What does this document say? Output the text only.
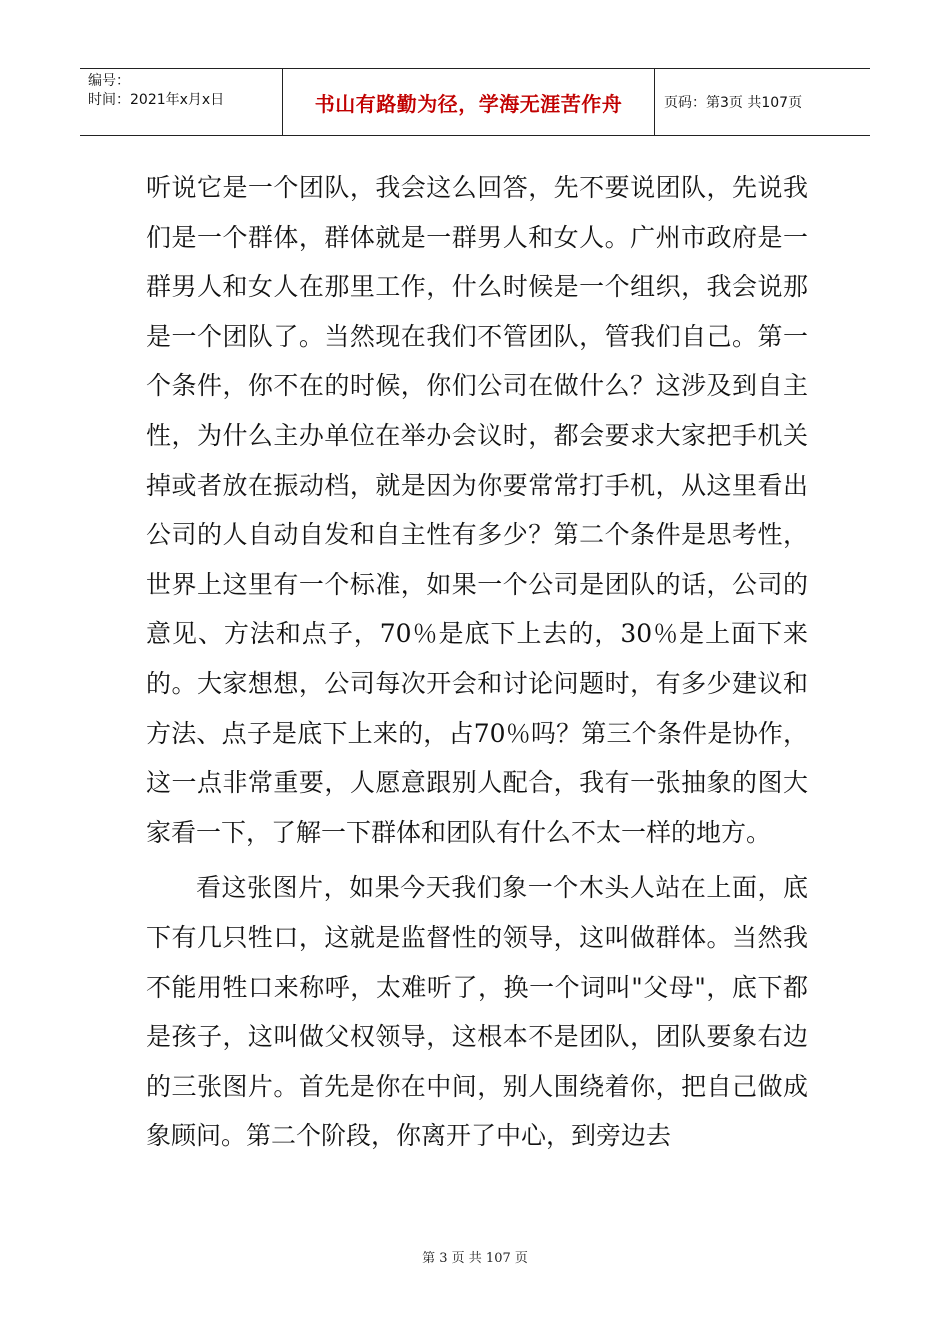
编号：
时间：2021年x月x日	书山有路勤为径，学海无涯苦作舟	页码：第3页 共107页

听说它是一个团队，我会这么回答，先不要说团队，先说我们是一个群体，群体就是一群男人和女人。广州市政府是一群男人和女人在那里工作，什么时候是一个组织，我会说那是一个团队了。当然现在我们不管团队，管我们自己。第一个条件，你不在的时候，你们公司在做什么？这涉及到自主性，为什么主办单位在举办会议时，都会要求大家把手机关掉或者放在振动档，就是因为你要常常打手机，从这里看出公司的人自动自发和自主性有多少？第二个条件是思考性，世界上这里有一个标准，如果一个公司是团队的话，公司的意见、方法和点子，70％是底下上去的，30％是上面下来的。大家想想，公司每次开会和讨论问题时，有多少建议和方法、点子是底下上来的，占70％吗？第三个条件是协作，这一点非常重要，人愿意跟别人配合，我有一张抽象的图大家看一下，了解一下群体和团队有什么不太一样的地方。

看这张图片，如果今天我们象一个木头人站在上面，底下有几只牲口，这就是监督性的领导，这叫做群体。当然我不能用牲口来称呼，太难听了，换一个词叫"父母"，底下都是孩子，这叫做父权领导，这根本不是团队，团队要象右边的三张图片。首先是你在中间，别人围绕着你，把自己做成象顾问。第二个阶段，你离开了中心，到旁边去

第 3 页 共 107 页
